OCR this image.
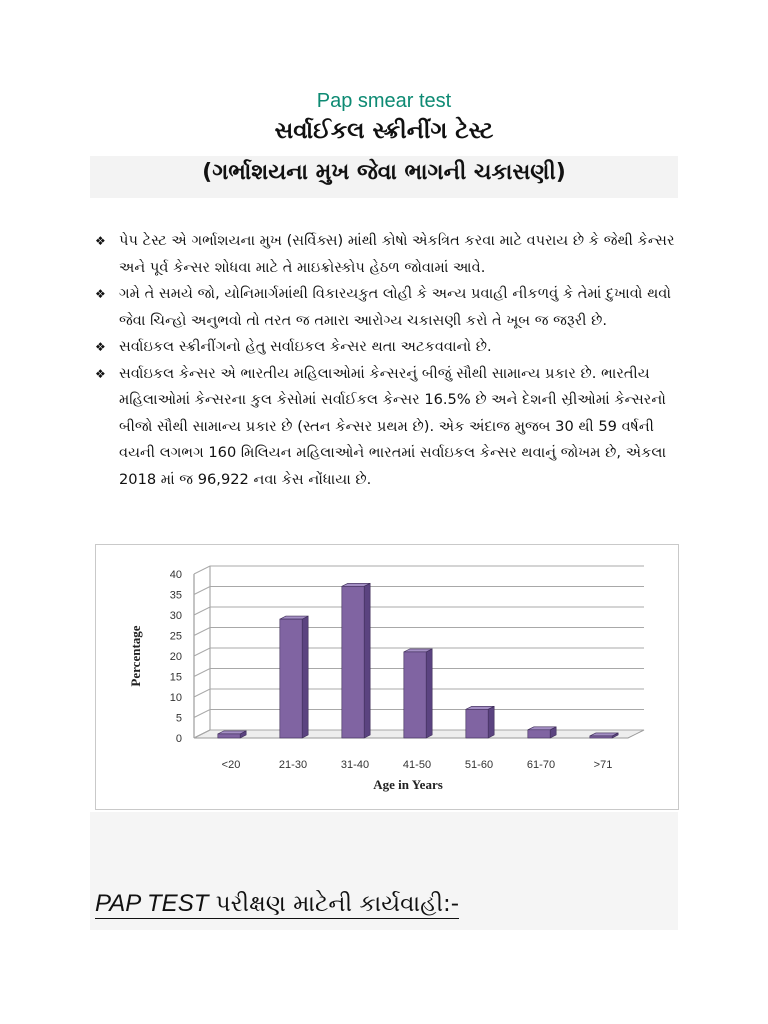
Pap smear test
સર્વાઈકલ સ્ક્રીનીંગ ટેસ્ટ
(ગર્ભાશયના મુખ જેવા ભાગની ચકાસણી)
❖ પેપ ટેસ્ટ એ ગર્ભાશયના મુખ (સર્વિક્સ) માંથી કોષો એકત્રિત કરવા માટે વપરાય છે કે જેથી કેન્સર અને પૂર્વ કેન્સર શોધવા માટે તે માઇક્રોસ્કોપ હેઠળ જોવામાં આવે.
❖ ગમે તે સમયે જો, યોનિમાર્ગમાંથી વિકારયકુત લોહી કે અન્ય પ્રવાહી નીકળવું કે તેમાં દુખાવો થવો જેવા ચિન્હો અનુભવો તો તરત જ તમારા આરોગ્ય ચકાસણી કરો તે ખૂબ જ જરૂરી છે.
❖ સર્વાઇકલ સ્ક્રીનીંગનો હેતુ સર્વાઇકલ કેન્સર થતા અટકવવાનો છે.
❖ સર્વાઇકલ કેન્સર એ ભારતીય મહિલાઓમાં કેન્સરનું બીજું સૌથી સામાન્ય પ્રકાર છે. ભારતીય મહિલાઓમાં કેન્સરના કુલ કેસોમાં સર્વાઈકલ કેન્સર 16.5% છે અને દેશની સ્રીઓમાં કેન્સરનો બીજો સૌથી સામાન્ય પ્રકાર છે (સ્તન કેન્સર પ્રથમ છે). એક અંદાજ મુજબ 30 થી 59 વર્ષની વયની લગભગ 160 મિલિયન મહિલાઓને ભારતમાં સર્વાઇકલ કેન્સર થવાનું જોખમ છે, એકલા 2018 માં જ 96,922 નવા કેસ નોંધાયા છે.
0
5
10
15
20
25
30
35
40
<20	21-30	31-40	41-50	51-60	61-70	>71
Percentage
Age in Years
PAP TEST પરીક્ષણ માટેની કાર્યવાહી:-
